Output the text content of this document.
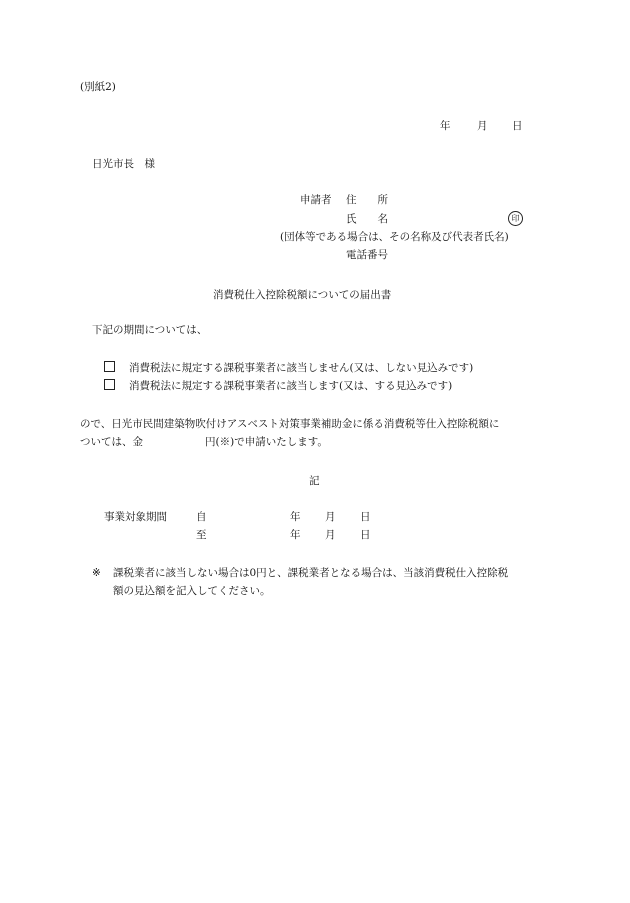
(別紙2)
年	月 日
日光市長　様
申請者 住　　所
氏　　名	印
(団体等である場合は、その名称及び代表者氏名)
電話番号
消費税仕入控除税額についての届出書
下記の期間については、
消費税法に規定する課税事業者に該当しません(又は、しない見込みです)
消費税法に規定する課税事業者に該当します(又は、する見込みです)
ので、日光市民間建築物吹付けアスベスト対策事業補助金に係る消費税等仕入控除税額に
ついては、金	円(※)で申請いたします。
記
事業対象期間	自	年 月 日
至	年 月 日
※ 課税業者に該当しない場合は0円と、課税業者となる場合は、当該消費税仕入控除税
額の見込額を記入してください。
